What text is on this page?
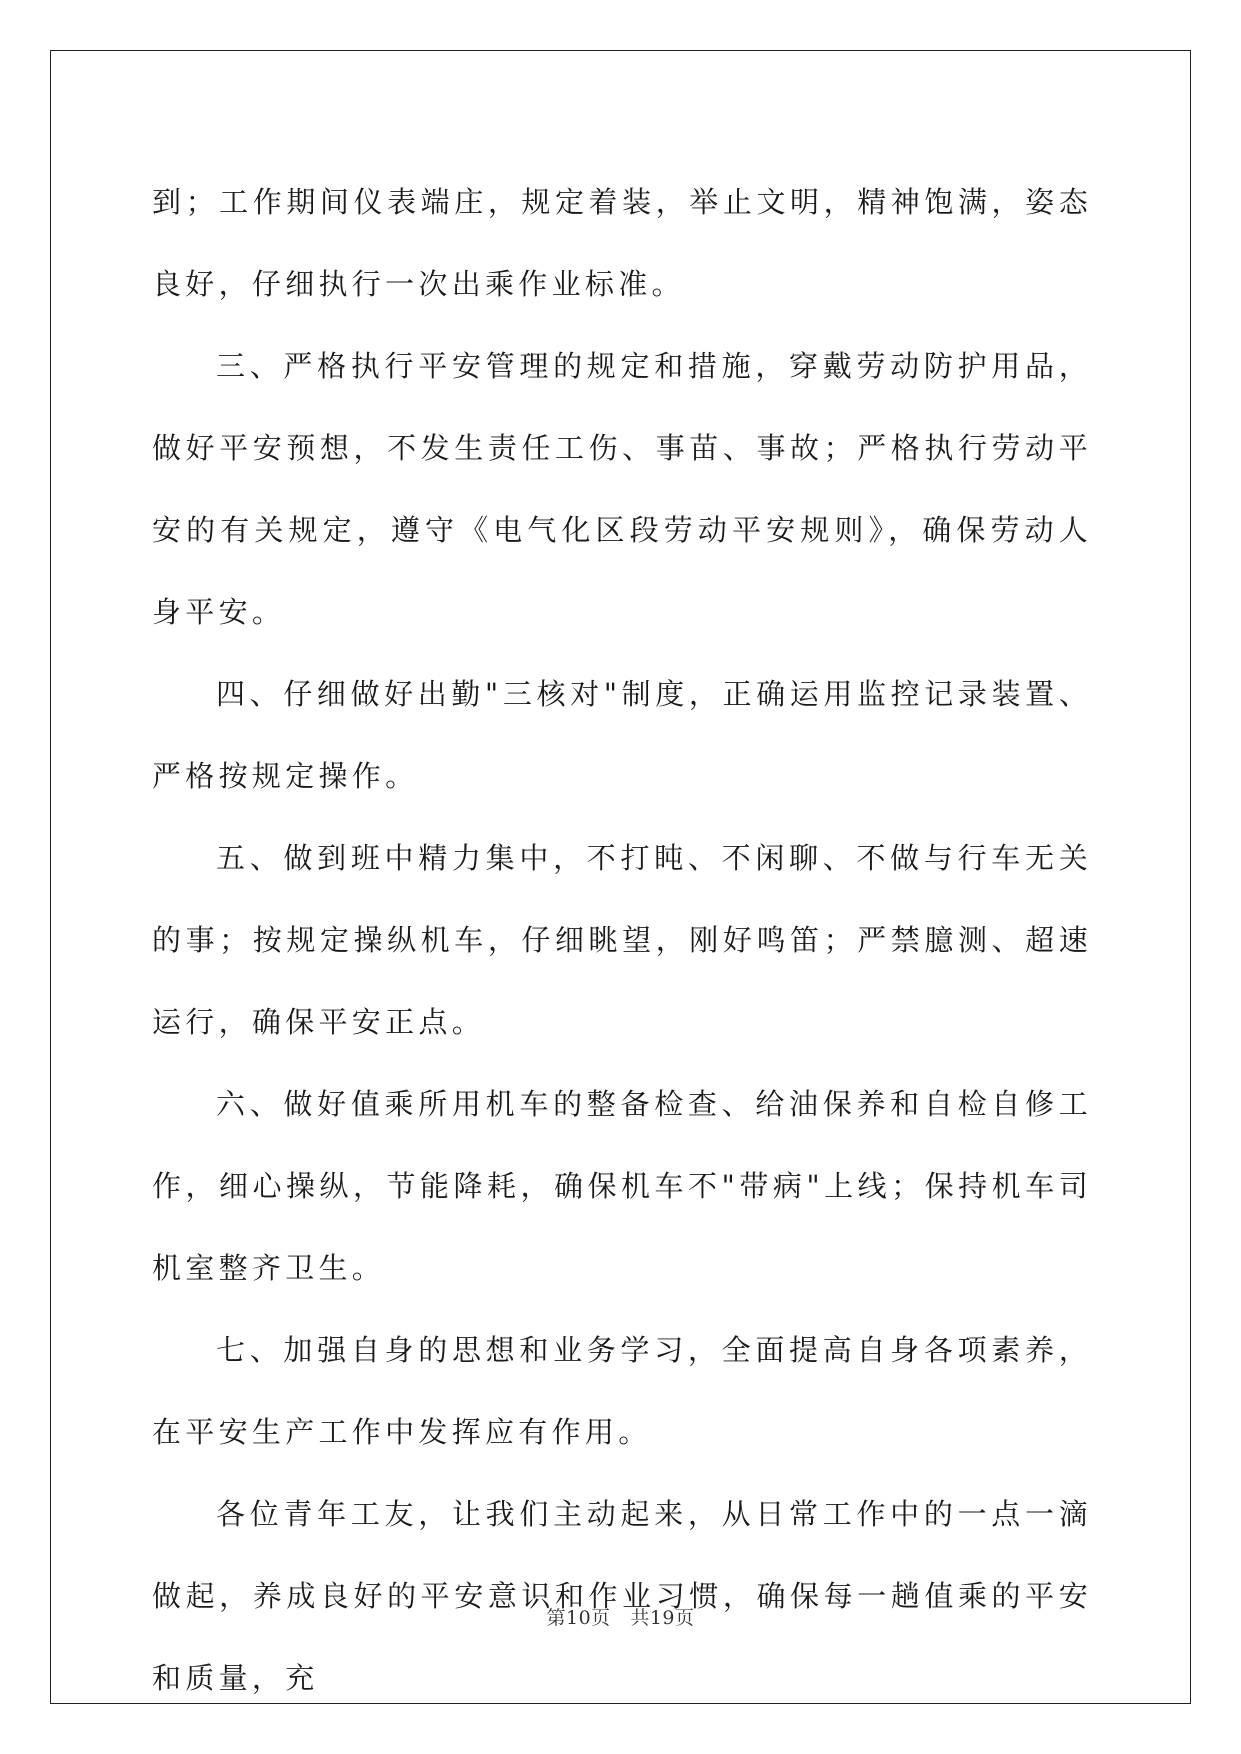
到；工作期间仪表端庄，规定着装，举止文明，精神饱满，姿态良好，仔细执行一次出乘作业标准。

三、严格执行平安管理的规定和措施，穿戴劳动防护用品，做好平安预想，不发生责任工伤、事苗、事故；严格执行劳动平安的有关规定，遵守《电气化区段劳动平安规则》，确保劳动人身平安。

四、仔细做好出勤"三核对"制度，正确运用监控记录装置、严格按规定操作。

五、做到班中精力集中，不打盹、不闲聊、不做与行车无关的事；按规定操纵机车，仔细眺望，刚好鸣笛；严禁臆测、超速运行，确保平安正点。

六、做好值乘所用机车的整备检查、给油保养和自检自修工作，细心操纵，节能降耗，确保机车不"带病"上线；保持机车司机室整齐卫生。

七、加强自身的思想和业务学习，全面提高自身各项素养，在平安生产工作中发挥应有作用。

各位青年工友，让我们主动起来，从日常工作中的一点一滴做起，养成良好的平安意识和作业习惯，确保每一趟值乘的平安和质量，充

第10页 共19页
